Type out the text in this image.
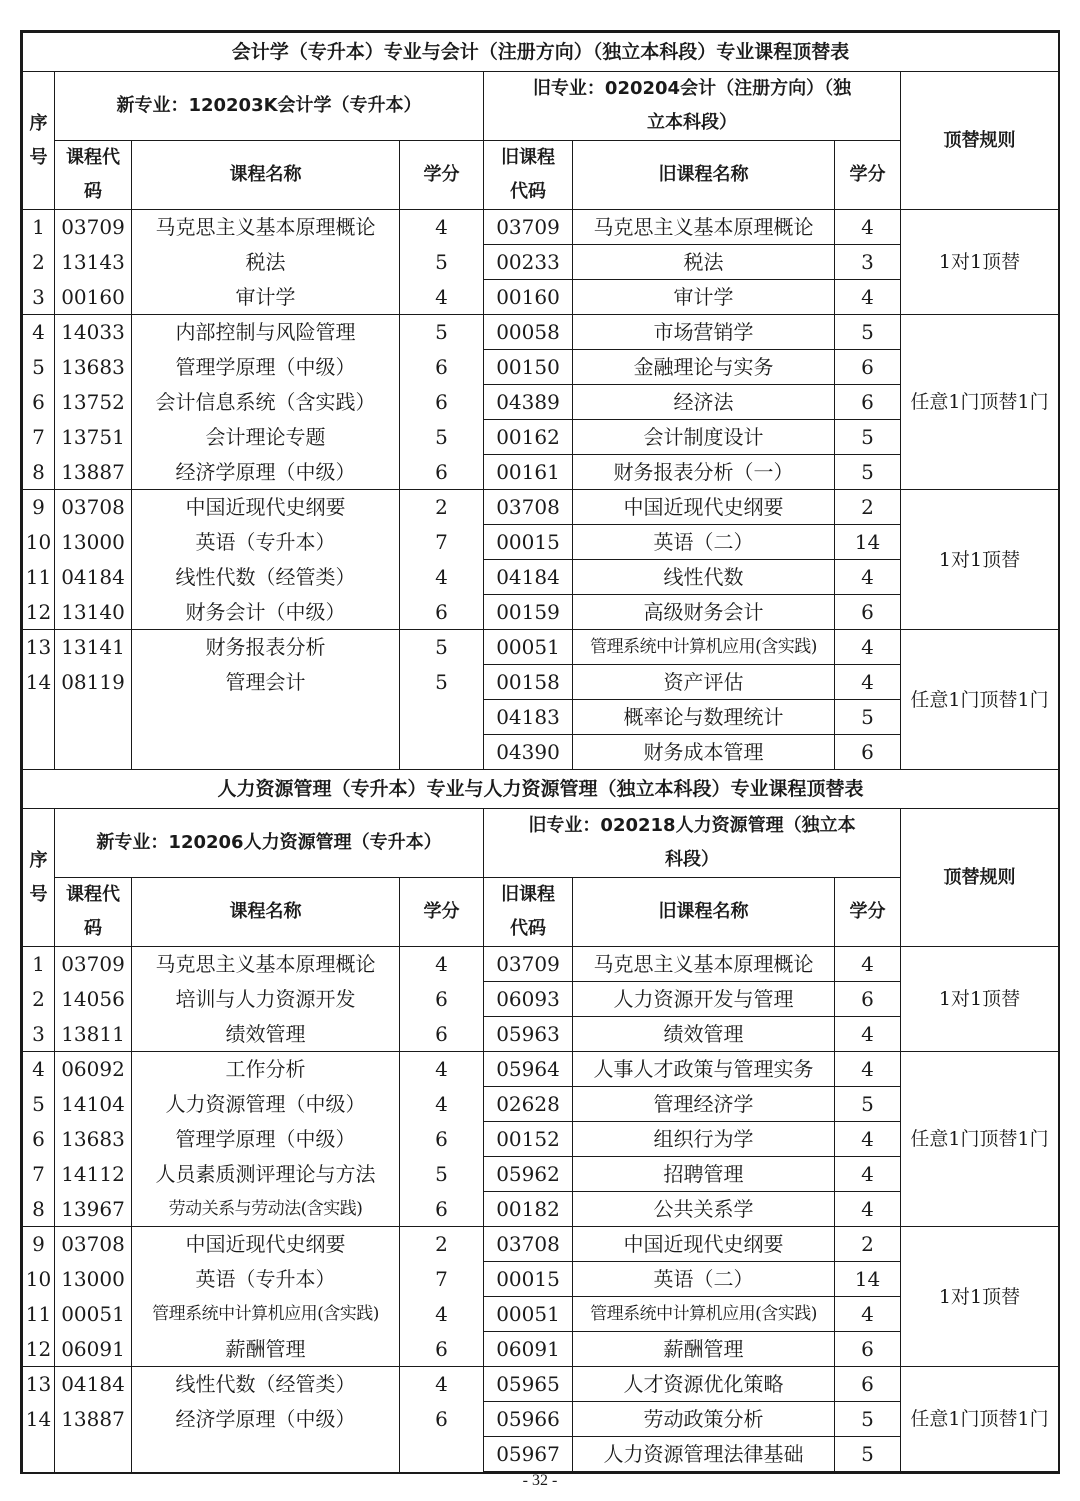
会计学（专升本）专业与会计（注册方向）（独立本科段）专业课程顶替表							
序号	新专业：120203K会计学（专升本）			旧专业：020204会计（注册方向）（独立本科段）			顶替规则
	课程代码	课程名称	学分	旧课程代码	旧课程名称	学分	
1	03709	马克思主义基本原理概论	4	03709	马克思主义基本原理概论	4	1对1顶替
2	13143	税法	5	00233	税法	3	
3	00160	审计学	4	00160	审计学	4	
4	14033	内部控制与风险管理	5	00058	市场营销学	5	任意1门顶替1门
5	13683	管理学原理（中级）	6	00150	金融理论与实务	6	
6	13752	会计信息系统（含实践）	6	04389	经济法	6	
7	13751	会计理论专题	5	00162	会计制度设计	5	
8	13887	经济学原理（中级）	6	00161	财务报表分析（一）	5	
9	03708	中国近现代史纲要	2	03708	中国近现代史纲要	2	1对1顶替
10	13000	英语（专升本）	7	00015	英语（二）	14	
11	04184	线性代数（经管类）	4	04184	线性代数	4	
12	13140	财务会计（中级）	6	00159	高级财务会计	6	
13	13141	财务报表分析	5	00051	管理系统中计算机应用(含实践)	4	任意1门顶替1门
14	08119	管理会计	5	00158	资产评估	4	
				04183	概率论与数理统计	5	
				04390	财务成本管理	6	
人力资源管理（专升本）专业与人力资源管理（独立本科段）专业课程顶替表							
序号	新专业：120206人力资源管理（专升本）			旧专业：020218人力资源管理（独立本科段）			顶替规则
	课程代码	课程名称	学分	旧课程代码	旧课程名称	学分	
1	03709	马克思主义基本原理概论	4	03709	马克思主义基本原理概论	4	1对1顶替
2	14056	培训与人力资源开发	6	06093	人力资源开发与管理	6	
3	13811	绩效管理	6	05963	绩效管理	4	
4	06092	工作分析	4	05964	人事人才政策与管理实务	4	任意1门顶替1门
5	14104	人力资源管理（中级）	4	02628	管理经济学	5	
6	13683	管理学原理（中级）	6	00152	组织行为学	4	
7	14112	人员素质测评理论与方法	5	05962	招聘管理	4	
8	13967	劳动关系与劳动法(含实践)	6	00182	公共关系学	4	
9	03708	中国近现代史纲要	2	03708	中国近现代史纲要	2	1对1顶替
10	13000	英语（专升本）	7	00015	英语（二）	14	
11	00051	管理系统中计算机应用(含实践)	4	00051	管理系统中计算机应用(含实践)	4	
12	06091	薪酬管理	6	06091	薪酬管理	6	
13	04184	线性代数（经管类）	4	05965	人才资源优化策略	6	任意1门顶替1门
14	13887	经济学原理（中级）	6	05966	劳动政策分析	5	
				05967	人力资源管理法律基础	5	
- 32 -
